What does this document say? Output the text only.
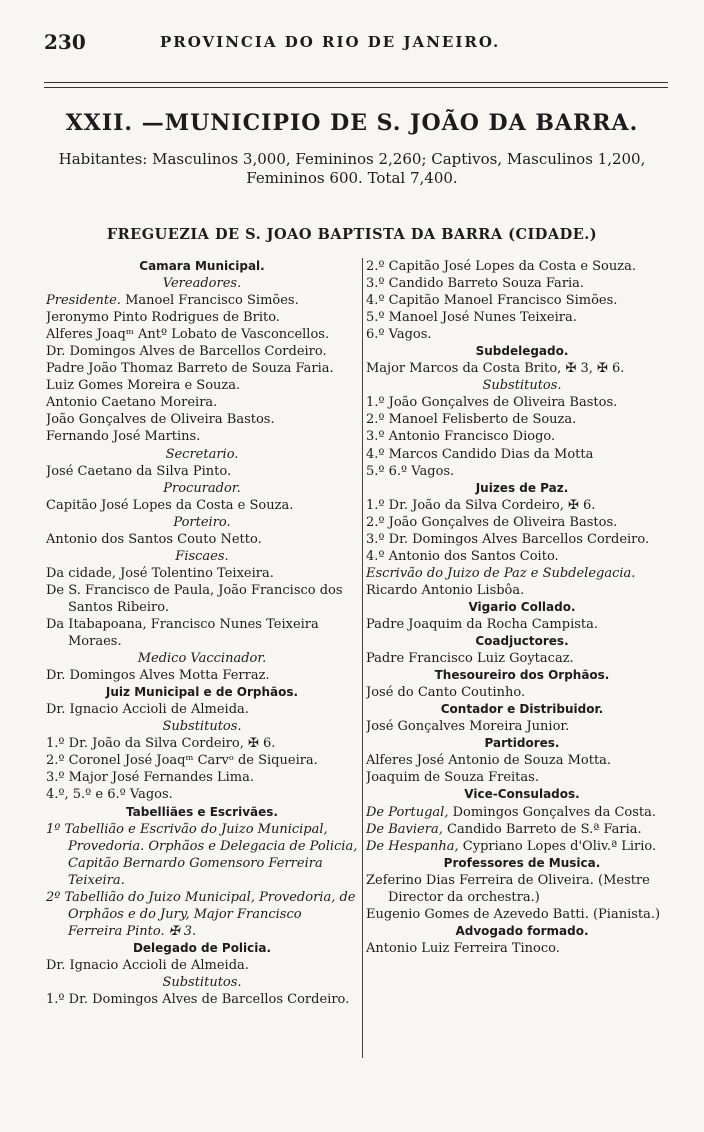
230	PROVINCIA DO RIO DE JANEIRO.
XXII. —MUNICIPIO DE S. JOÃO DA BARRA.
Habitantes: Masculinos 3,000, Femininos 2,260; Captivos, Masculinos 1,200,
Femininos 600. Total 7,400.
FREGUEZIA DE S. JOAO BAPTISTA DA BARRA (CIDADE.)
Camara Municipal.
Vereadores.
Presidente. Manoel Francisco Simões.
Jeronymo Pinto Rodrigues de Brito.
Alferes Joaqᵐ Antº Lobato de Vasconcellos.
Dr. Domingos Alves de Barcellos Cordeiro.
Padre João Thomaz Barreto de Souza Faria.
Luiz Gomes Moreira e Souza.
Antonio Caetano Moreira.
João Gonçalves de Oliveira Bastos.
Fernando José Martins.
Secretario.
José Caetano da Silva Pinto.
Procurador.
Capitão José Lopes da Costa e Souza.
Porteiro.
Antonio dos Santos Couto Netto.
Fiscaes.
Da cidade, José Tolentino Teixeira.
De S. Francisco de Paula, João Francisco dos Santos Ribeiro.
Da Itabapoana, Francisco Nunes Teixeira Moraes.
Medico Vaccinador.
Dr. Domingos Alves Motta Ferraz.
Juiz Municipal e de Orphãos.
Dr. Ignacio Accioli de Almeida.
Substitutos.
1.º Dr. João da Silva Cordeiro, ✠ 6.
2.º Coronel José Joaqᵐ Carvᵒ de Siqueira.
3.º Major José Fernandes Lima.
4.º, 5.º e 6.º Vagos.
Tabelliães e Escrivães.
1º Tabellião e Escrivão do Juizo Municipal, Provedoria. Orphãos e Delegacia de Policia, Capitão Bernardo Gomensoro Ferreira Teixeira.
2º Tabellião do Juizo Municipal, Provedoria, de Orphãos e do Jury, Major Francisco Ferreira Pinto. ✠ 3.
Delegado de Policia.
Dr. Ignacio Accioli de Almeida.
Substitutos.
1.º Dr. Domingos Alves de Barcellos Cordeiro.
2.º Capitão José Lopes da Costa e Souza.
3.º Candido Barreto Souza Faria.
4.º Capitão Manoel Francisco Simões.
5.º Manoel José Nunes Teixeira.
6.º Vagos.
Subdelegado.
Major Marcos da Costa Brito, ✠ 3, ✠ 6.
Substitutos.
1.º João Gonçalves de Oliveira Bastos.
2.º Manoel Felisberto de Souza.
3.º Antonio Francisco Diogo.
4.º Marcos Candido Dias da Motta
5.º 6.º Vagos.
Juizes de Paz.
1.º Dr. João da Silva Cordeiro, ✠ 6.
2.º João Gonçalves de Oliveira Bastos.
3.º Dr. Domingos Alves Barcellos Cordeiro.
4.º Antonio dos Santos Coito.
Escrivão do Juizo de Paz e Subdelegacia.
Ricardo Antonio Lisbôa.
Vigario Collado.
Padre Joaquim da Rocha Campista.
Coadjuctores.
Padre Francisco Luiz Goytacaz.
Thesoureiro dos Orphãos.
José do Canto Coutinho.
Contador e Distribuidor.
José Gonçalves Moreira Junior.
Partidores.
Alferes José Antonio de Souza Motta.
Joaquim de Souza Freitas.
Vice-Consulados.
De Portugal, Domingos Gonçalves da Costa.
De Baviera, Candido Barreto de S.ª Faria.
De Hespanha, Cypriano Lopes d'Oliv.ª Lirio.
Professores de Musica.
Zeferino Dias Ferreira de Oliveira. (Mestre Director da orchestra.)
Eugenio Gomes de Azevedo Batti. (Pianista.)
Advogado formado.
Antonio Luiz Ferreira Tinoco.
